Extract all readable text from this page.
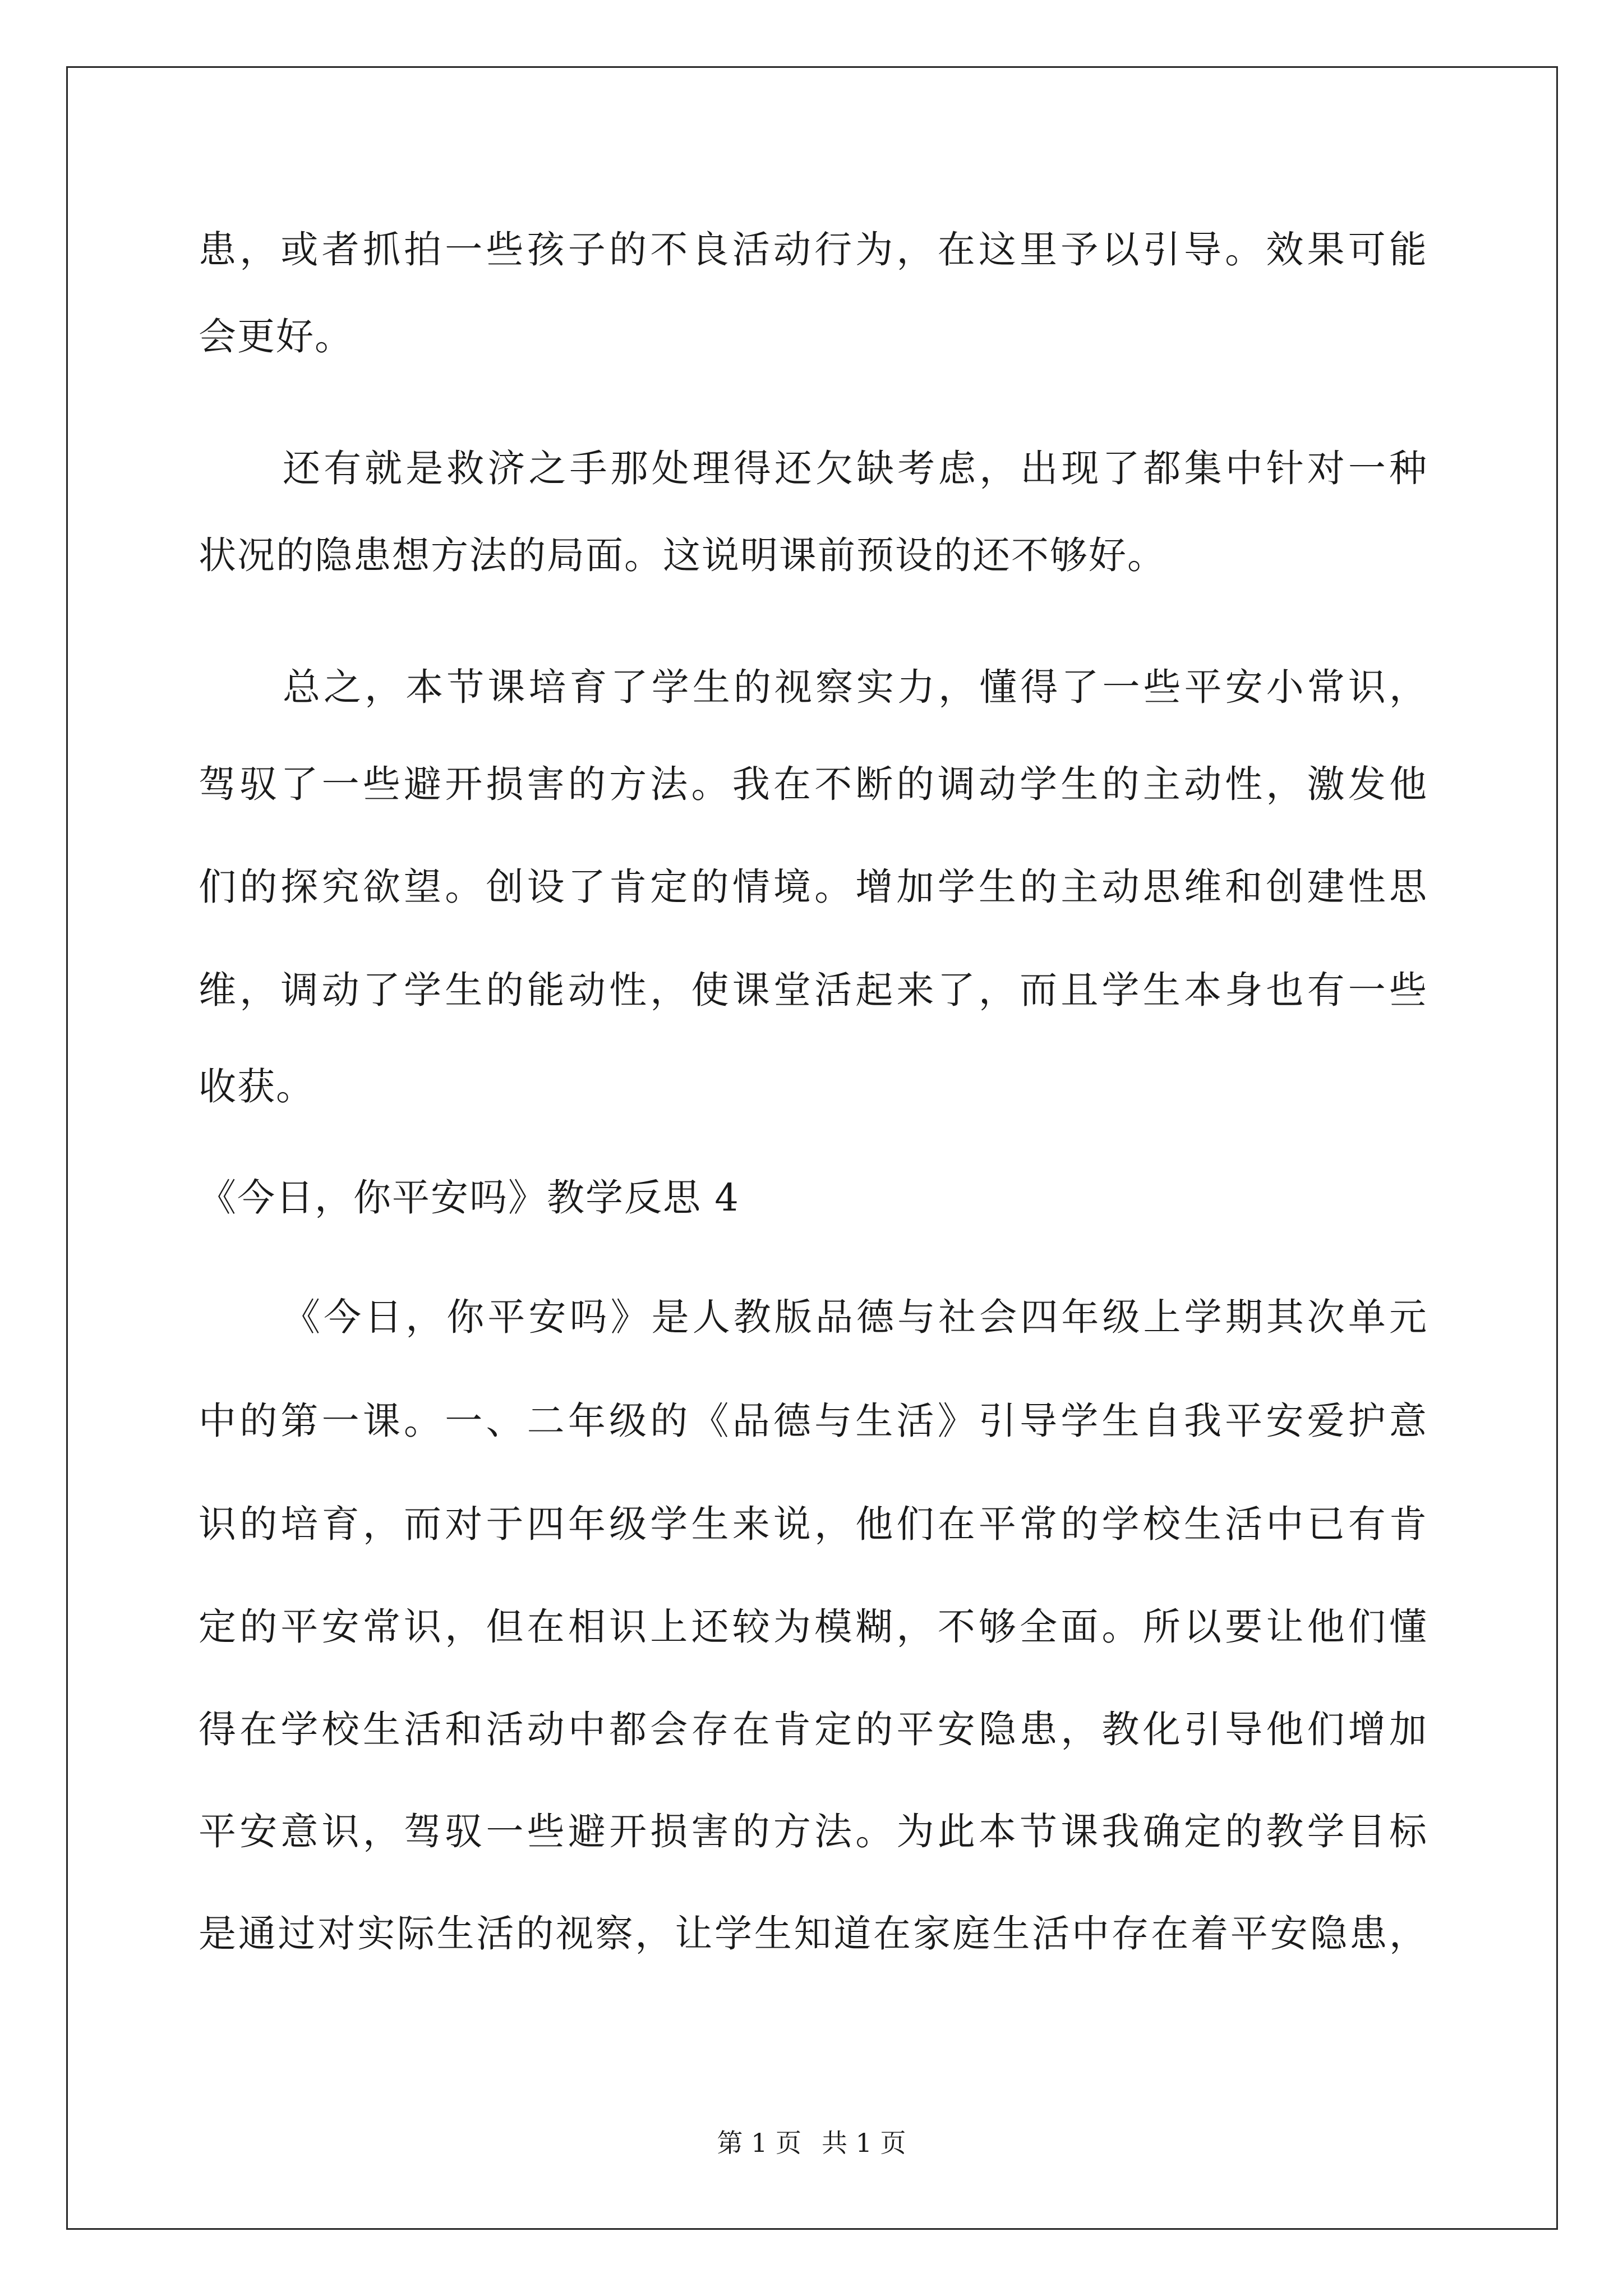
患，或者抓拍一些孩子的不良活动行为，在这里予以引导。效果可能
会更好。
还有就是救济之手那处理得还欠缺考虑，出现了都集中针对一种
状况的隐患想方法的局面。这说明课前预设的还不够好。
总之，本节课培育了学生的视察实力，懂得了一些平安小常识，
驾驭了一些避开损害的方法。我在不断的调动学生的主动性，激发他
们的探究欲望。创设了肯定的情境。增加学生的主动思维和创建性思
维，调动了学生的能动性，使课堂活起来了，而且学生本身也有一些
收获。
《今日，你平安吗》教学反思 4
《今日，你平安吗》是人教版品德与社会四年级上学期其次单元
中的第一课。一、二年级的《品德与生活》引导学生自我平安爱护意
识的培育，而对于四年级学生来说，他们在平常的学校生活中已有肯
定的平安常识，但在相识上还较为模糊，不够全面。所以要让他们懂
得在学校生活和活动中都会存在肯定的平安隐患，教化引导他们增加
平安意识，驾驭一些避开损害的方法。为此本节课我确定的教学目标
是通过对实际生活的视察，让学生知道在家庭生活中存在着平安隐患，
第 1 页 共 1 页
